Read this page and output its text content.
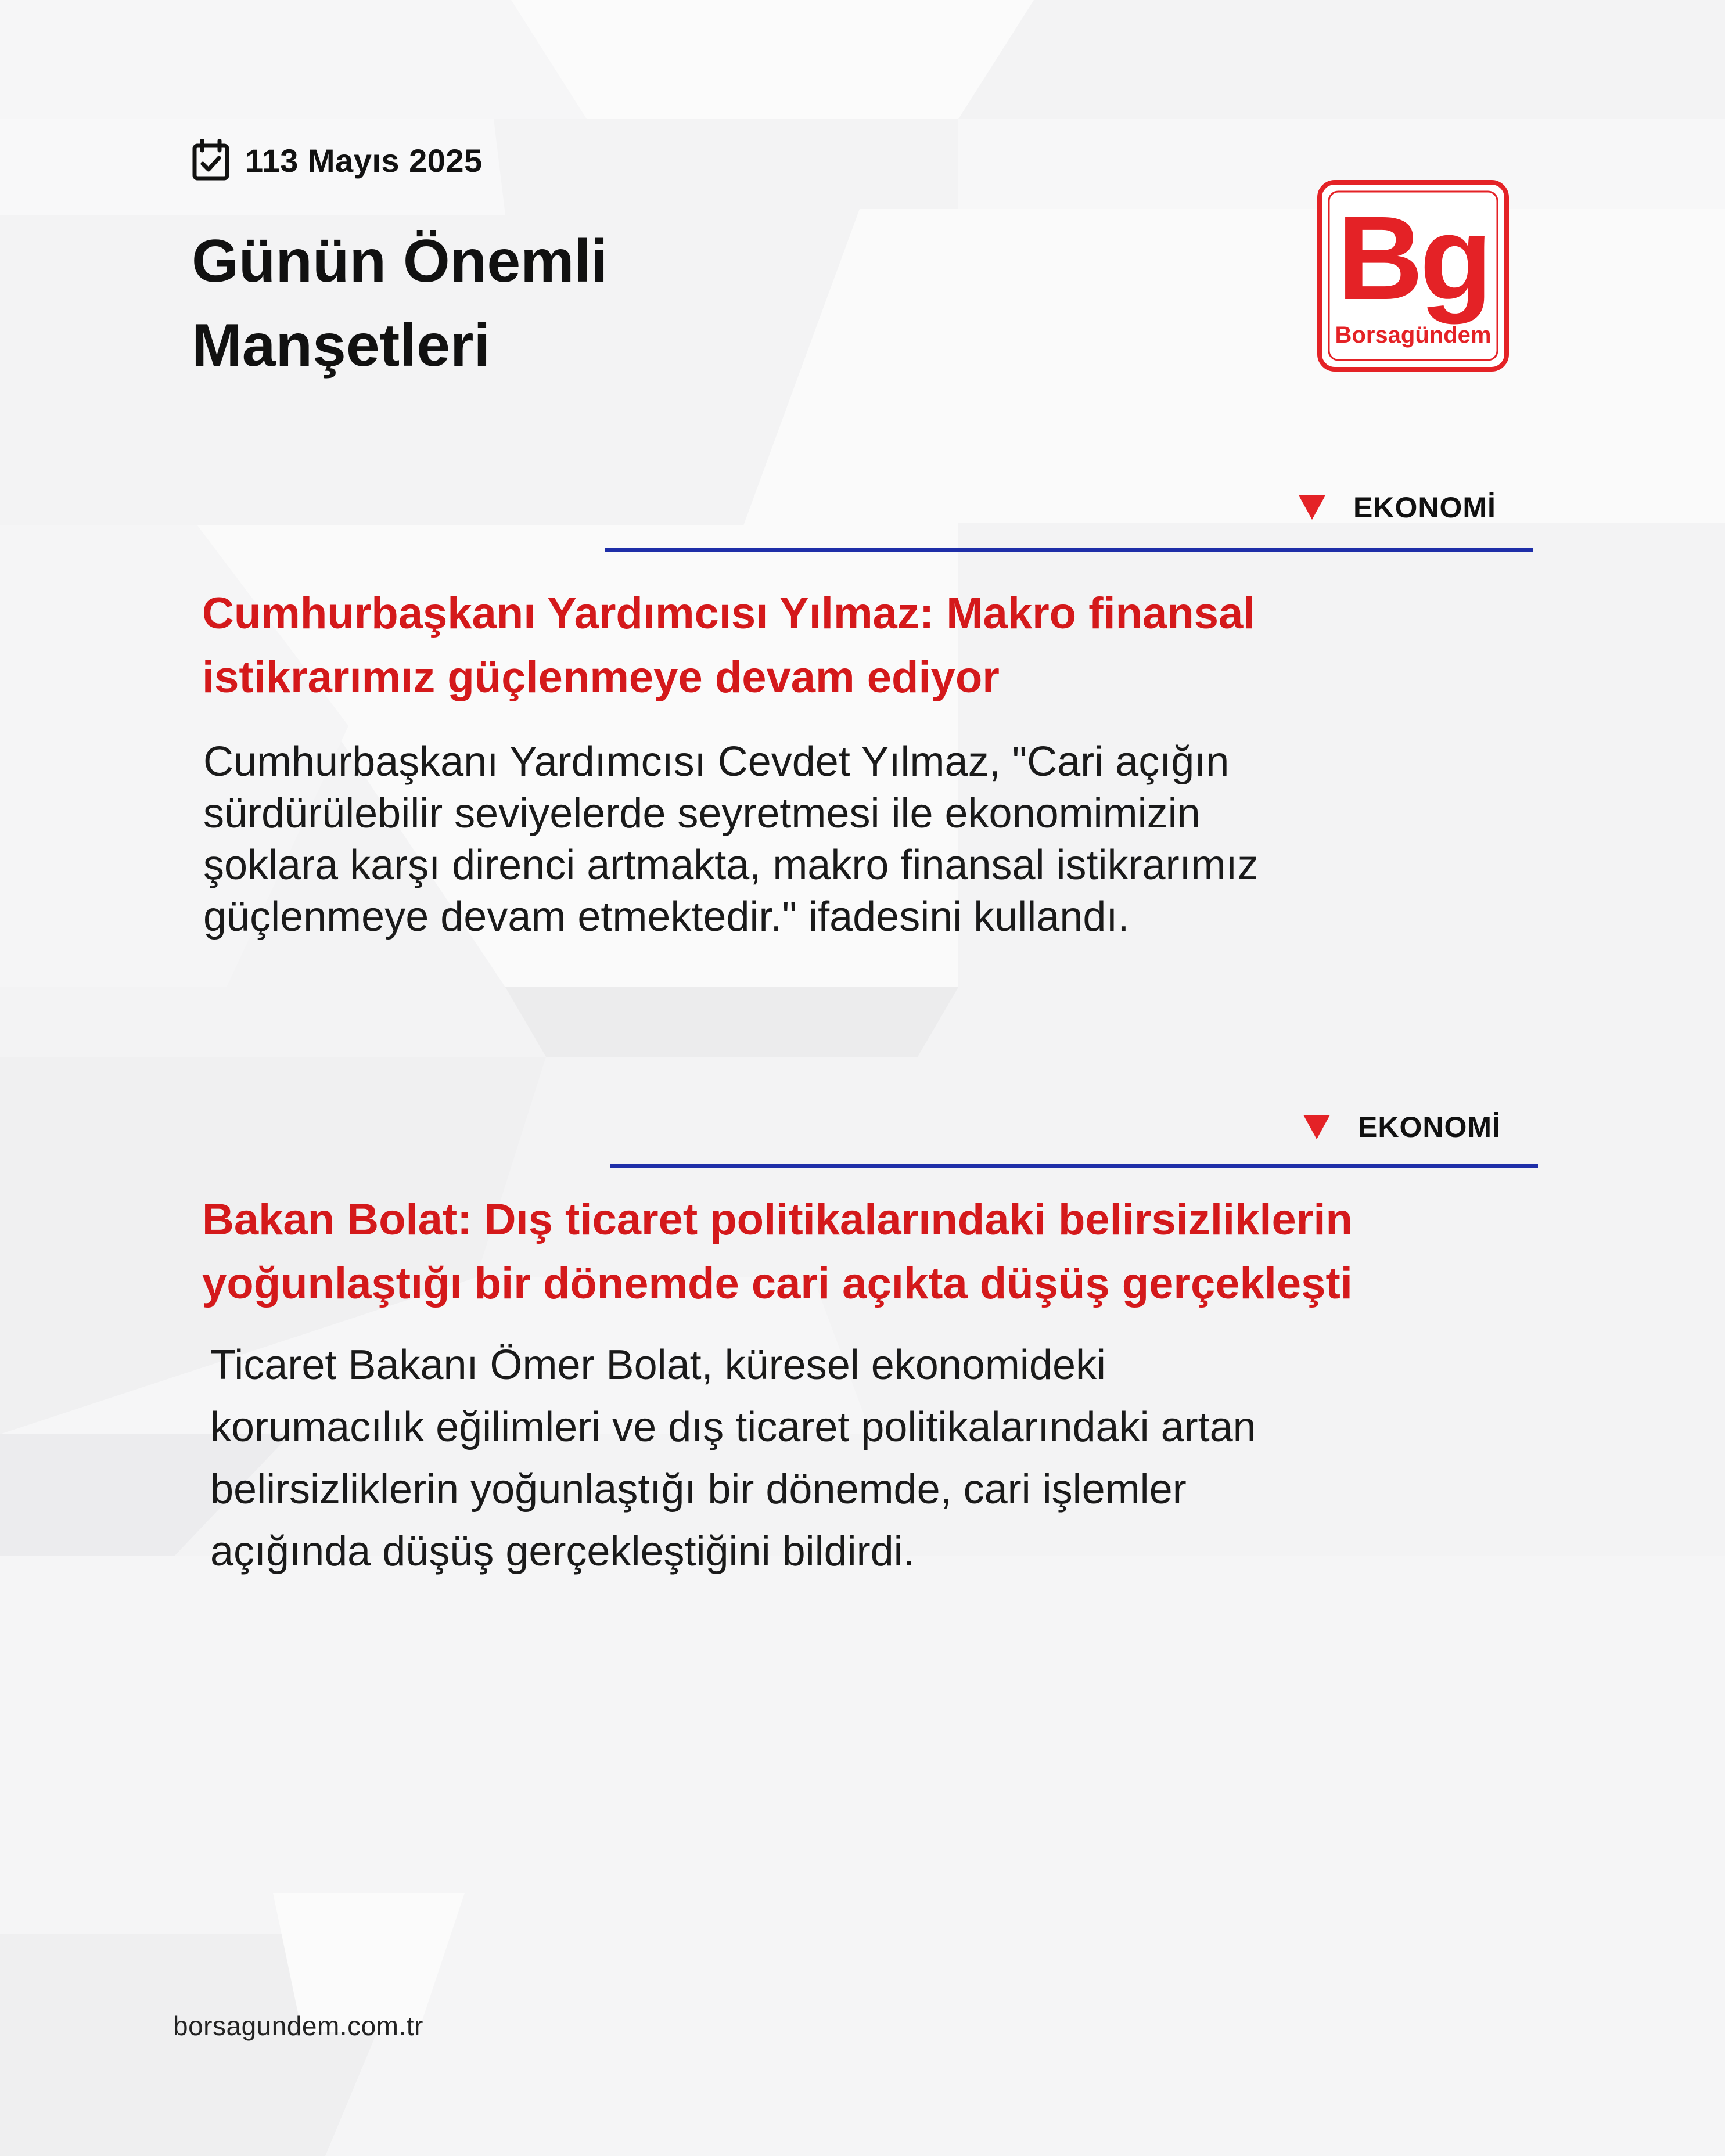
113 Mayıs 2025
Günün Önemli
Manşetleri
Bg
Borsagündem
EKONOMİ
Cumhurbaşkanı Yardımcısı Yılmaz: Makro finansal
istikrarımız güçlenmeye devam ediyor

Cumhurbaşkanı Yardımcısı Cevdet Yılmaz, "Cari açığın
sürdürülebilir seviyelerde seyretmesi ile ekonomimizin
şoklara karşı direnci artmakta, makro finansal istikrarımız
güçlenmeye devam etmektedir." ifadesini kullandı.

EKONOMİ
Bakan Bolat: Dış ticaret politikalarındaki belirsizliklerin
yoğunlaştığı bir dönemde cari açıkta düşüş gerçekleşti

Ticaret Bakanı Ömer Bolat, küresel ekonomideki
korumacılık eğilimleri ve dış ticaret politikalarındaki artan
belirsizliklerin yoğunlaştığı bir dönemde, cari işlemler
açığında düşüş gerçekleştiğini bildirdi.

borsagundem.com.tr
